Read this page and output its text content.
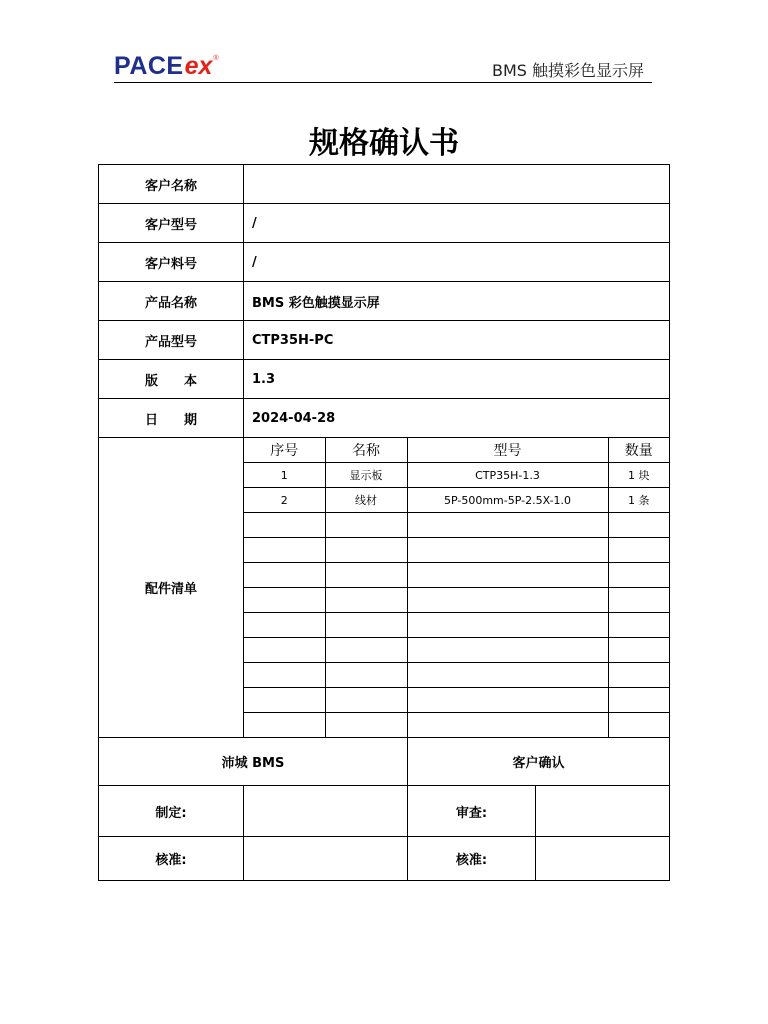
PACE ex ®
BMS 触摸彩色显示屏
规格确认书
客户名称	
客户型号	/
客户料号	/
产品名称	BMS 彩色触摸显示屏
产品型号	CTP35H-PC
版　　本	1.3
日　　期	2024-04-28
配件清单	
序号	名称	型号	数量
1	显示板	CTP35H-1.3	1 块
2	线材	5P-500mm-5P-2.5X-1.0	1 条

沛城 BMS	客户确认
制定:		审查:	
核准:		核准:	
